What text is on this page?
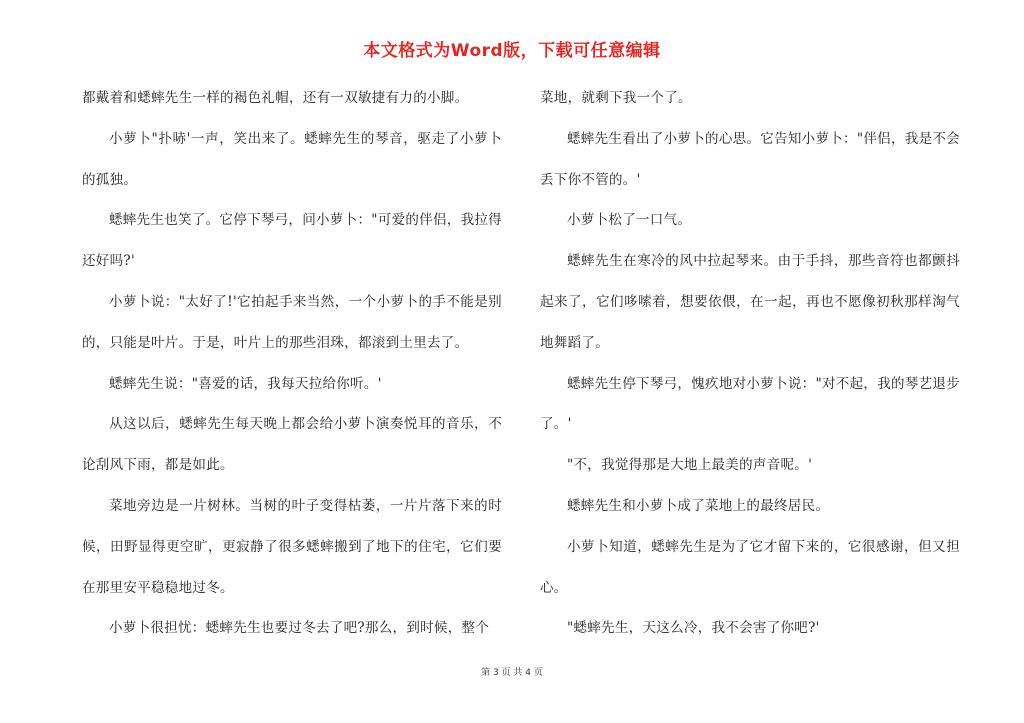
本文格式为Word版，下载可任意编辑

都戴着和蟋蟀先生一样的褐色礼帽，还有一双敏捷有力的小脚。

小萝卜"扑哧'一声，笑出来了。蟋蟀先生的琴音，驱走了小萝卜的孤独。

蟋蟀先生也笑了。它停下琴弓，问小萝卜："可爱的伴侣，我拉得还好吗?'

小萝卜说："太好了!'它拍起手来当然，一个小萝卜的手不能是别的，只能是叶片。于是，叶片上的那些泪珠，都滚到土里去了。

蟋蟀先生说："喜爱的话，我每天拉给你听。'

从这以后，蟋蟀先生每天晚上都会给小萝卜演奏悦耳的音乐，不论刮风下雨，都是如此。

菜地旁边是一片树林。当树的叶子变得枯萎，一片片落下来的时候，田野显得更空旷，更寂静了很多蟋蟀搬到了地下的住宅，它们要在那里安平稳稳地过冬。

小萝卜很担忧：蟋蟀先生也要过冬去了吧?那么，到时候，整个

菜地，就剩下我一个了。

蟋蟀先生看出了小萝卜的心思。它告知小萝卜："伴侣，我是不会丢下你不管的。'

小萝卜松了一口气。

蟋蟀先生在寒冷的风中拉起琴来。由于手抖，那些音符也都颤抖起来了，它们哆嗦着，想要依偎，在一起，再也不愿像初秋那样淘气地舞蹈了。

蟋蟀先生停下琴弓，愧疚地对小萝卜说："对不起，我的琴艺退步了。'

"不，我觉得那是大地上最美的声音呢。'

蟋蟀先生和小萝卜成了菜地上的最终居民。

小萝卜知道，蟋蟀先生是为了它才留下来的，它很感谢，但又担心。

"蟋蟀先生，天这么冷，我不会害了你吧?'

第 3 页 共 4 页
